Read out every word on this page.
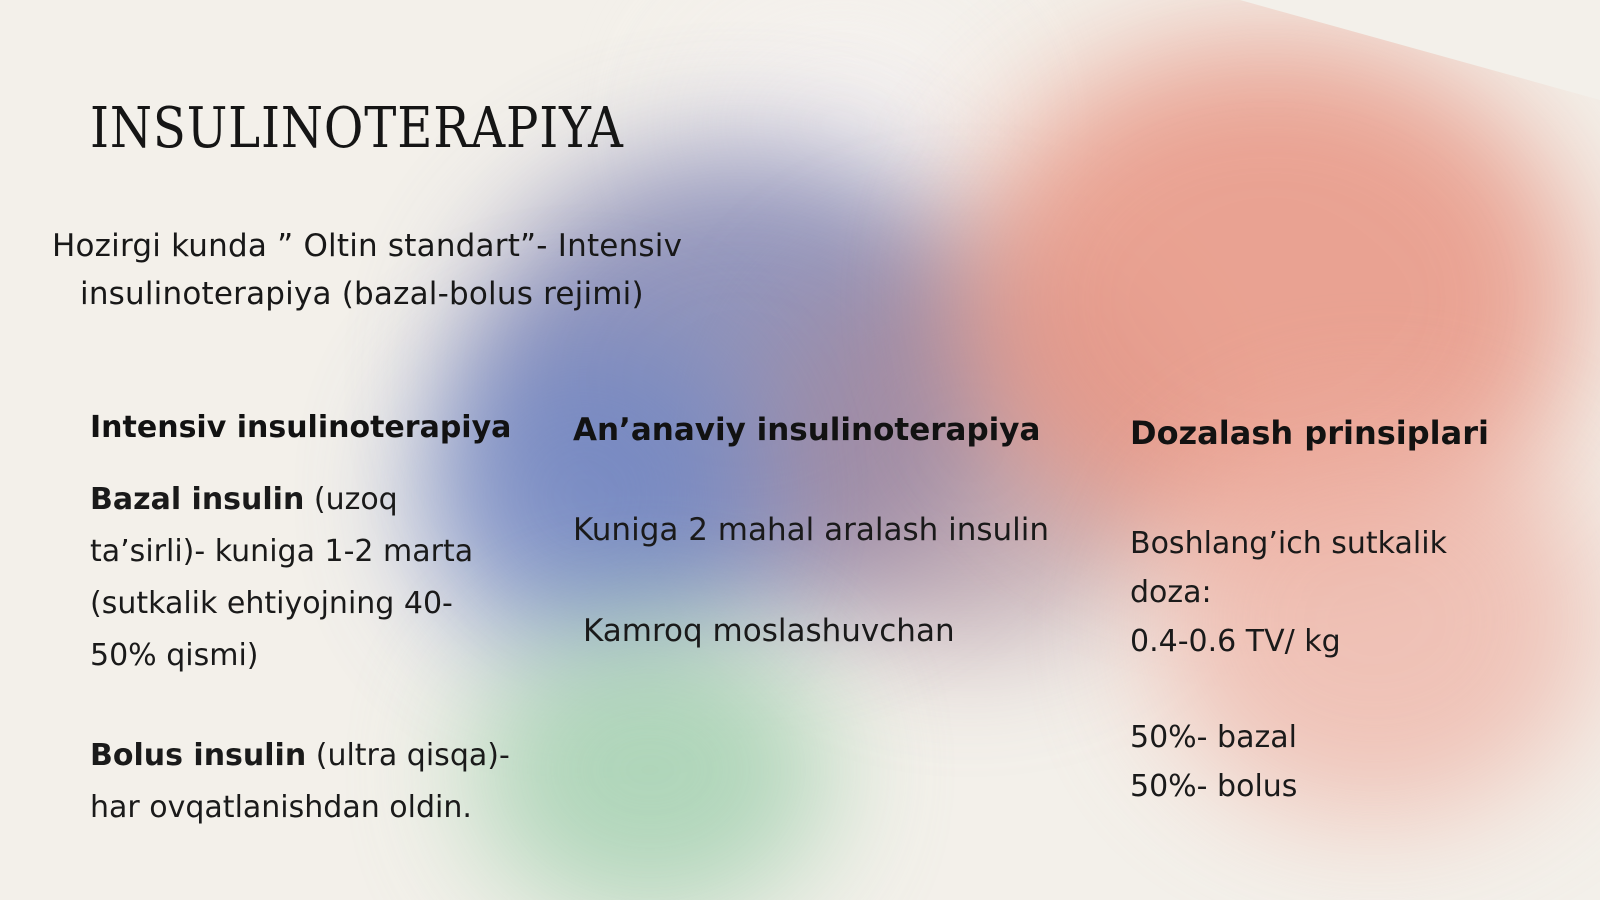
INSULINOTERAPIYA
Hozirgi kunda ” Oltin standart”- Intensiv
insulinoterapiya (bazal-bolus rejimi)
Intensiv insulinoterapiya
Bazal insulin (uzoq ta’sirli)- kuniga 1-2 marta (sutkalik ehtiyojning 40-50% qismi)
Bolus insulin (ultra qisqa)- har ovqatlanishdan oldin.
An’anaviy insulinoterapiya
Kuniga 2 mahal aralash insulin
Kamroq moslashuvchan
Dozalash prinsiplari
Boshlang’ich sutkalik
doza:
0.4-0.6 TV/ kg
50%- bazal
50%- bolus
